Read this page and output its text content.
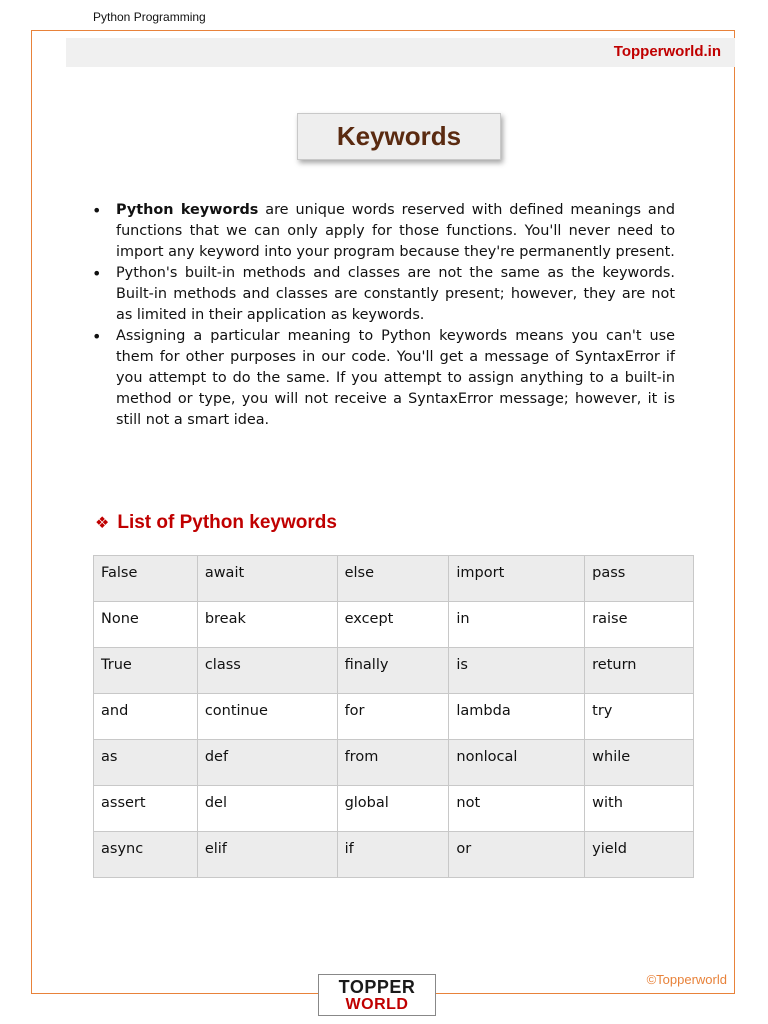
Python Programming
Topperworld.in
Keywords
• Python keywords are unique words reserved with defined meanings and functions that we can only apply for those functions. You'll never need to import any keyword into your program because they're permanently present.
• Python's built-in methods and classes are not the same as the keywords. Built-in methods and classes are constantly present; however, they are not as limited in their application as keywords.
• Assigning a particular meaning to Python keywords means you can't use them for other purposes in our code. You'll get a message of SyntaxError if you attempt to do the same. If you attempt to assign anything to a built-in method or type, you will not receive a SyntaxError message; however, it is still not a smart idea.
❖ List of Python keywords
False	await	else	import	pass
None	break	except	in	raise
True	class	finally	is	return
and	continue	for	lambda	try
as	def	from	nonlocal	while
assert	del	global	not	with
async	elif	if	or	yield
©Topperworld
TOPPER
WORLD
